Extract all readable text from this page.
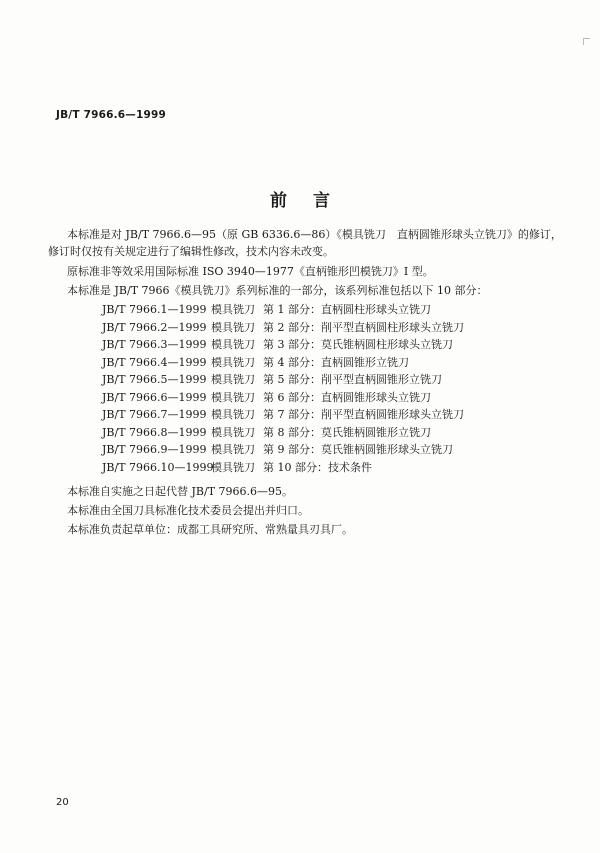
JB/T 7966.6—1999
前言
本标准是对 JB/T 7966.6—95（原 GB 6336.6—86）《模具铣刀　直柄圆锥形球头立铣刀》的修订，
修订时仅按有关规定进行了编辑性修改，技术内容未改变。
原标准非等效采用国际标准 ISO 3940—1977《直柄锥形凹模铣刀》I 型。
本标准是 JB/T 7966《模具铣刀》系列标准的一部分，该系列标准包括以下 10 部分：
JB/T 7966.1—1999 模具铣刀 第 1 部分：直柄圆柱形球头立铣刀
JB/T 7966.2—1999 模具铣刀 第 2 部分：削平型直柄圆柱形球头立铣刀
JB/T 7966.3—1999 模具铣刀 第 3 部分：莫氏锥柄圆柱形球头立铣刀
JB/T 7966.4—1999 模具铣刀 第 4 部分：直柄圆锥形立铣刀
JB/T 7966.5—1999 模具铣刀 第 5 部分：削平型直柄圆锥形立铣刀
JB/T 7966.6—1999 模具铣刀 第 6 部分：直柄圆锥形球头立铣刀
JB/T 7966.7—1999 模具铣刀 第 7 部分：削平型直柄圆锥形球头立铣刀
JB/T 7966.8—1999 模具铣刀 第 8 部分：莫氏锥柄圆锥形立铣刀
JB/T 7966.9—1999 模具铣刀 第 9 部分：莫氏锥柄圆锥形球头立铣刀
JB/T 7966.10—1999
模具铣刀 第 10 部分：技术条件
本标准自实施之日起代替 JB/T 7966.6—95。
本标准由全国刀具标准化技术委员会提出并归口。
本标准负责起草单位：成都工具研究所、常熟量具刃具厂。
20
